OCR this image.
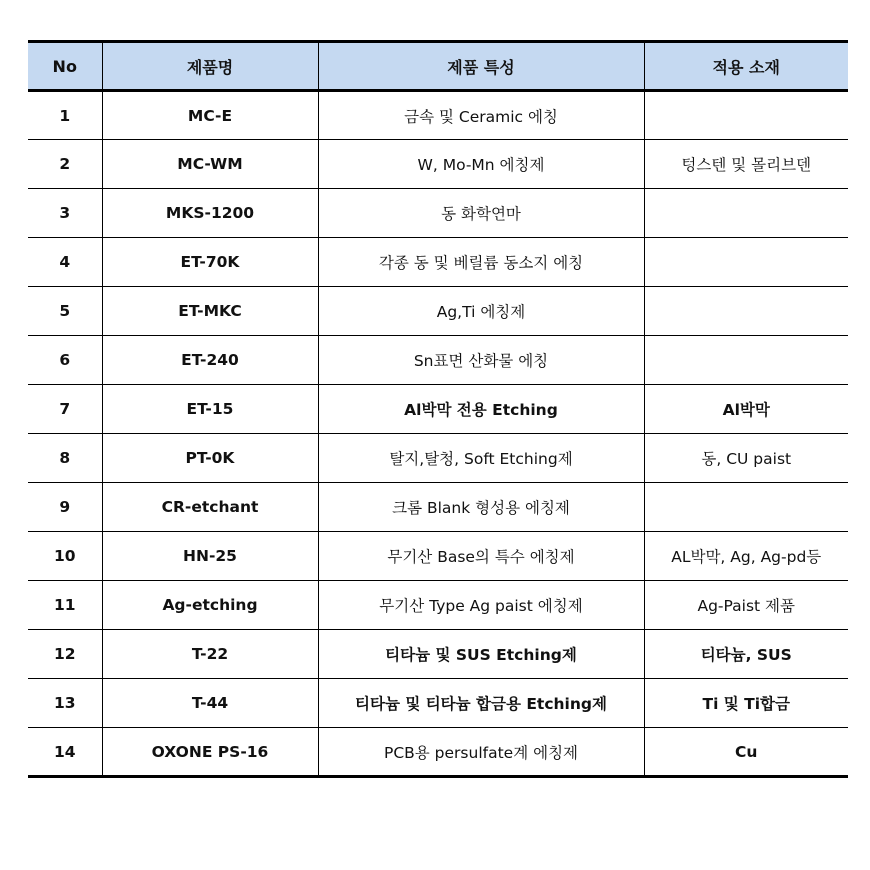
No	제품명	제품 특성	적용 소재
1	MC-E	금속 및 Ceramic 에칭	
2	MC-WM	W, Mo-Mn 에칭제	텅스텐 및 몰리브덴
3	MKS-1200	동 화학연마	
4	ET-70K	각종 동 및 베릴륨 동소지 에칭	
5	ET-MKC	Ag,Ti 에칭제	
6	ET-240	Sn표면 산화물 에칭	
7	ET-15	Al박막 전용 Etching	Al박막
8	PT-0K	탈지,탈청, Soft Etching제	동, CU paist
9	CR-etchant	크롬 Blank 형성용 에칭제	
10	HN-25	무기산 Base의 특수 에칭제	AL박막, Ag, Ag-pd등
11	Ag-etching	무기산 Type Ag paist 에칭제	Ag-Paist 제품
12	T-22	티타늄 및 SUS Etching제	티타늄, SUS
13	T-44	티타늄 및 티타늄 합금용 Etching제	Ti 및 Ti합금
14	OXONE PS-16	PCB용 persulfate계 에칭제	Cu
